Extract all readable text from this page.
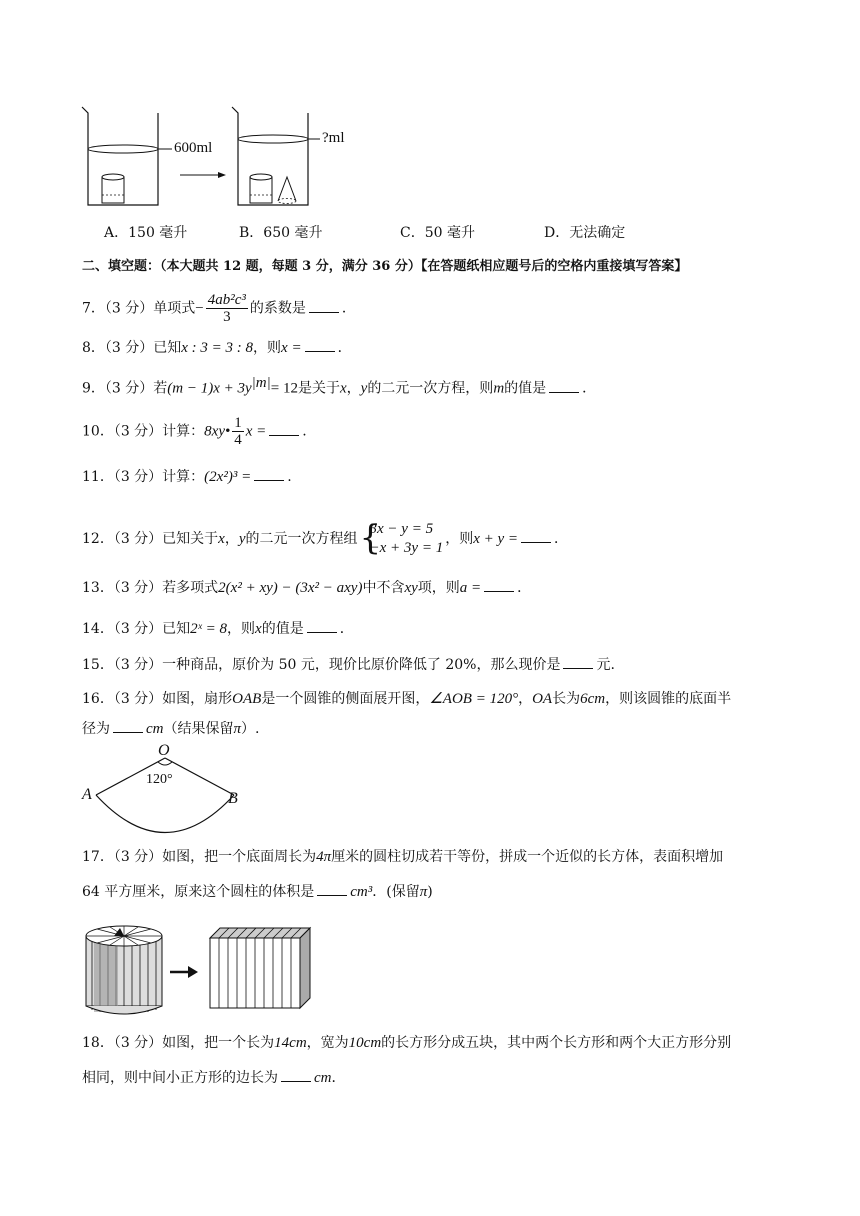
600ml
?ml
A．150 毫升	B．650 毫升	C．50 毫升	D．无法确定
二、填空题：（本大题共 12 题，每题 3 分，满分 36 分）【在答题纸相应题号后的空格内重接填写答案】
7．（3 分）单项式− $\frac{\text{4ab²c³}}{3}$ 的系数是	．
8．（3 分）已知x : 3 = 3 : 8，则x =	．
9．（3 分）若$(m - 1)x + 3y^{|m|}= 12$是关于x，y的二元一次方程，则m的值是	．
10．（3 分）计算：8xy• $\frac{1}{4}$ x =	.
11．（3 分）计算：(2x²)³ =	.
12．（3 分）已知关于x，y的二元一次方程组 {
3x − y = 5
−x + 3y = 1
，则x + y =	．
13．（3 分）若多项式2(x² + xy) − (3x² − axy)中不含xy项，则a =	．
14．（3 分）已知2ˣ = 8，则x的值是	．
15．（3 分）一种商品，原价为 50 元，现价比原价降低了 20%，那么现价是	元.
16．（3 分）如图，扇形OAB是一个圆锥的侧面展开图，∠AOB = 120°，OA长为6cm，则该圆锥的底面半
径为 cm（结果保留π）.
O
120°
A	B
17．（3 分）如图，把一个底面周长为4π厘米的圆柱切成若干等份，拼成一个近似的长方体，表面积增加
64 平方厘米，原来这个圆柱的体积是 cm³．(保留π)
18．（3 分）如图，把一个长为14cm，宽为10cm的长方形分成五块，其中两个长方形和两个大正方形分别
相同，则中间小正方形的边长为 cm．
